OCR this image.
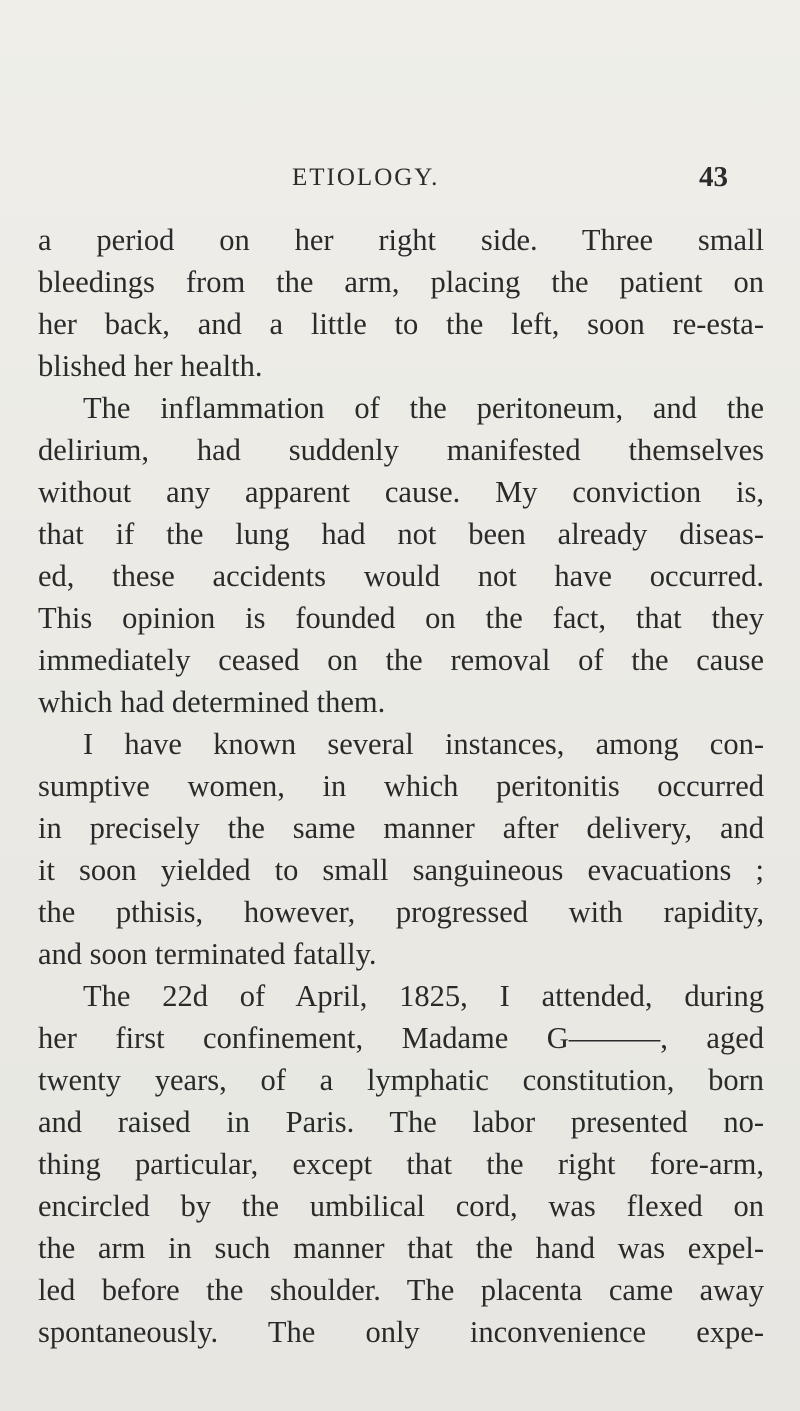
ETIOLOGY.	43
a period on her right side. Three small
bleedings from the arm, placing the patient on
her back, and a little to the left, soon re-esta-
blished her health.
The inflammation of the peritoneum, and the
delirium, had suddenly manifested themselves
without any apparent cause. My conviction is,
that if the lung had not been already diseas-
ed, these accidents would not have occurred.
This opinion is founded on the fact, that they
immediately ceased on the removal of the cause
which had determined them.
I have known several instances, among con-
sumptive women, in which peritonitis occurred
in precisely the same manner after delivery, and
it soon yielded to small sanguineous evacuations ;
the pthisis, however, progressed with rapidity,
and soon terminated fatally.
The 22d of April, 1825, I attended, during
her first confinement, Madame G———, aged
twenty years, of a lymphatic constitution, born
and raised in Paris. The labor presented no-
thing particular, except that the right fore-arm,
encircled by the umbilical cord, was flexed on
the arm in such manner that the hand was expel-
led before the shoulder. The placenta came away
spontaneously. The only inconvenience expe-
